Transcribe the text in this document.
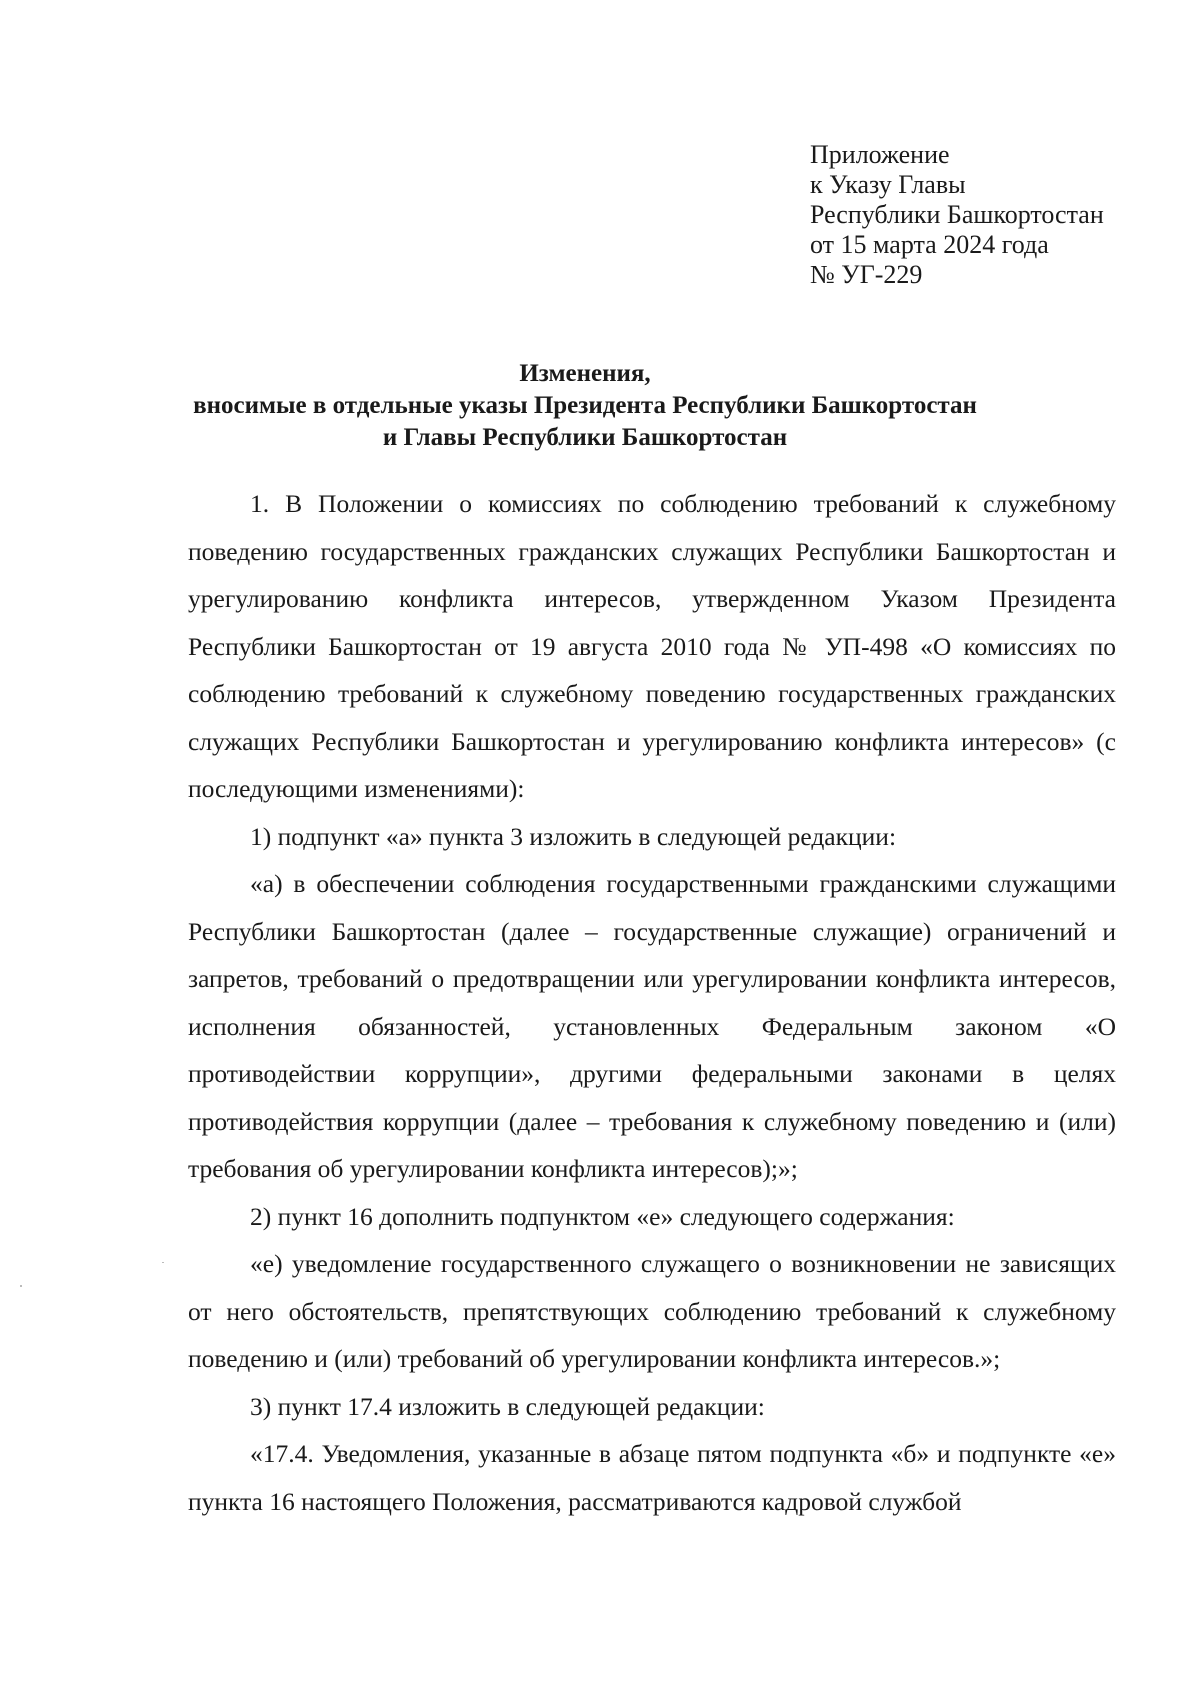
Приложение
к Указу Главы
Республики Башкортостан
от 15 марта 2024 года
№ УГ-229
Изменения,
вносимые в отдельные указы Президента Республики Башкортостан
и Главы Республики Башкортостан

1. В Положении о комиссиях по соблюдению требований к служебному поведению государственных гражданских служащих Республики Башкортостан и урегулированию конфликта интересов, утвержденном Указом Президента Республики Башкортостан от 19 августа 2010 года № УП-498 «О комиссиях по соблюдению требований к служебному поведению государственных гражданских служащих Республики Башкортостан и урегулированию конфликта интересов» (с последующими изменениями):

1) подпункт «а» пункта 3 изложить в следующей редакции:

«а) в обеспечении соблюдения государственными гражданскими служащими Республики Башкортостан (далее – государственные служащие) ограничений и запретов, требований о предотвращении или урегулировании конфликта интересов, исполнения обязанностей, установленных Федеральным законом «О противодействии коррупции», другими федеральными законами в целях противодействия коррупции (далее – требования к служебному поведению и (или) требования об урегулировании конфликта интересов);»;

2) пункт 16 дополнить подпунктом «е» следующего содержания:

«е) уведомление государственного служащего о возникновении не зависящих от него обстоятельств, препятствующих соблюдению требований к служебному поведению и (или) требований об урегулировании конфликта интересов.»;

3) пункт 17.4 изложить в следующей редакции:

«17.4. Уведомления, указанные в абзаце пятом подпункта «б» и подпункте «е» пункта 16 настоящего Положения, рассматриваются кадровой службой
